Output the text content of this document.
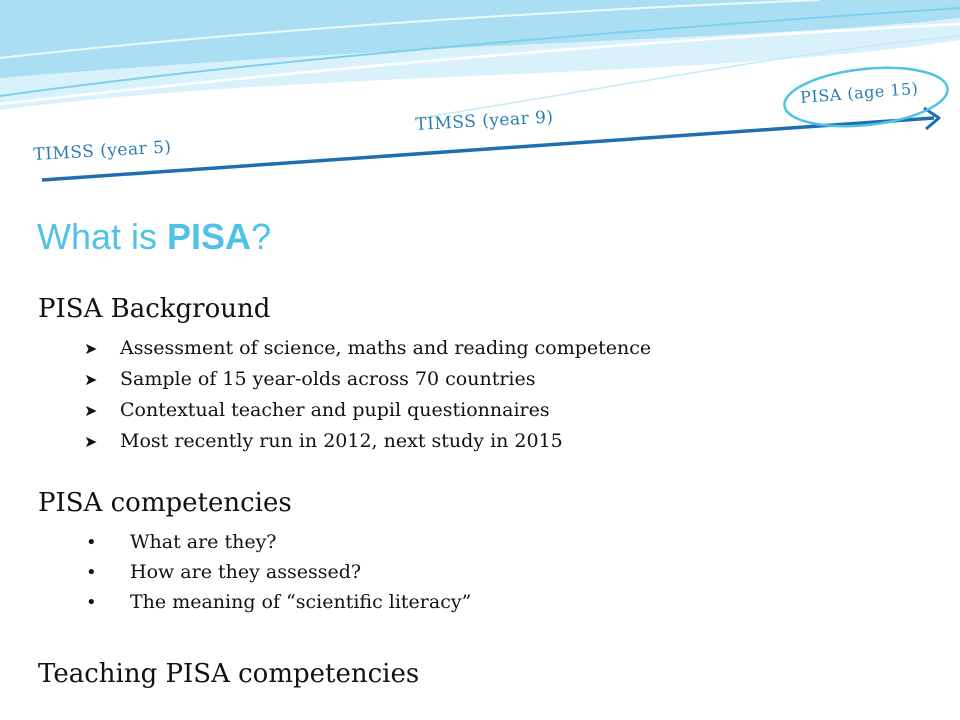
TIMSS (year 5)
TIMSS (year 9)
PISA (age 15)
What is PISA?
PISA Background
➤ Assessment of science, maths and reading competence
➤ Sample of 15 year-olds across 70 countries
➤ Contextual teacher and pupil questionnaires
➤ Most recently run in 2012, next study in 2015
PISA competencies
• What are they?
• How are they assessed?
• The meaning of “scientific literacy”
Teaching PISA competencies
